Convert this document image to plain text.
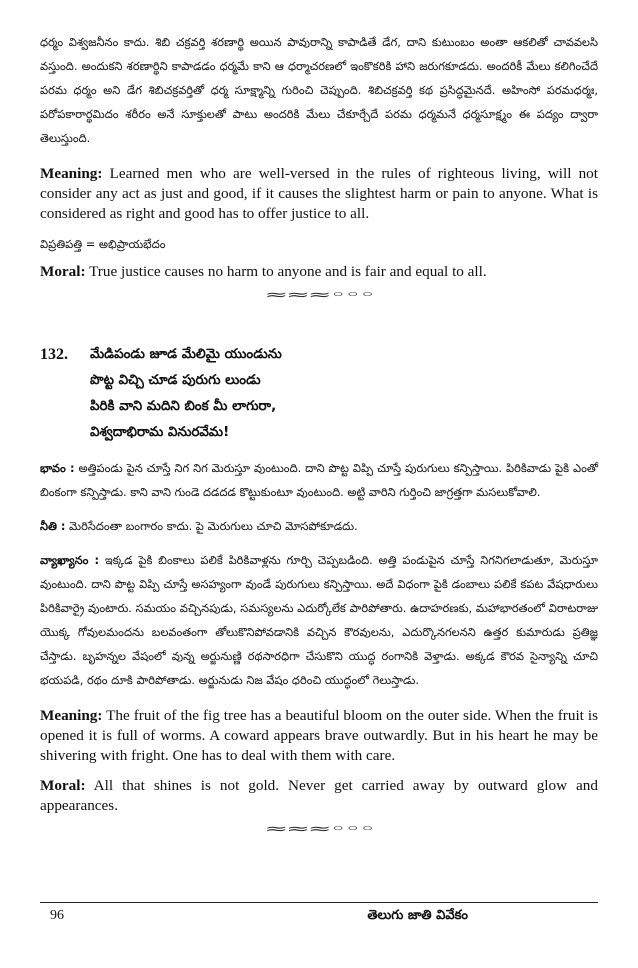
ధర్మం విశ్వజనీనం కాదు. శిబి చక్రవర్తి శరణార్థి అయిన పావురాన్ని కాపాడితే డేగ, దాని కుటుంబం అంతా ఆకలితో చావవలసి వస్తుంది. అందుకని శరణార్థిని కాపాడడం ధర్మమే కాని ఆ ధర్మాచరణలో ఇంకొకరికి హాని జరుగకూడదు. అందరికీ మేలు కలిగించేదే పరమ ధర్మం అని డేగ శిబిచక్రవర్తితో ధర్మ సూక్ష్మాన్ని గురించి చెప్పుంది. శిబిచక్రవర్తి కథ ప్రసిద్ధమైనదే. అహింసో పరమధర్మః, పరోపకారార్థమిదం శరీరం అనే సూక్తులతో పాటు అందరికి మేలు చేకూర్చేదే పరమ ధర్మమనే ధర్మసూక్ష్మం ఈ పద్యం ద్వారా తెలుస్తుంది.

Meaning: Learned men who are well-versed in the rules of righteous living, will not consider any act as just and good, if it causes the slightest harm or pain to anyone. What is considered as right and good has to offer justice to all.

విప్రతిపత్తి = అభిప్రాయభేదం

Moral: True justice causes no harm to anyone and is fair and equal to all.

≈≈≈◦◦◦
132.	మేడిపండు జూడ మేలిమై యుండును
పొట్ట విచ్చి చూడ పురుగు లుండు
పిరికి వాని మదిని బింక మీ లాగురా,
విశ్వదాభిరామ వినురవేమ!

భావం : అత్తిపండు పైన చూస్తే నిగ నిగ మెరుస్తూ వుంటుంది. దాని పొట్ట విప్పి చూస్తే పురుగులు కన్పిస్తాయి. పిరికివాడు పైకి ఎంతో బింకంగా కన్పిస్తాడు. కాని వాని గుండె దడదడ కొట్టుకుంటూ వుంటుంది. అట్టి వారిని గుర్తించి జాగ్రత్తగా మసలుకోవాలి.

నీతి : మెరిసేదంతా బంగారం కాదు. పై మెరుగులు చూచి మోసపోకూడదు.

వ్యాఖ్యానం : ఇక్కడ పైకి బింకాలు పలికే పిరికివాళ్లను గూర్చి చెప్పబడింది. అత్తి పండుపైన చూస్తే నిగనిగలాడుతూ, మెరుస్తూ వుంటుంది. దాని పొట్ట విప్పి చూస్తే అసహ్యంగా వుండే పురుగులు కన్పిస్తాయి. అదే విధంగా పైకి డంబాలు పలికే కపట వేషధారులు పిరికివార్రై వుంటారు. సమయం వచ్చినపుడు, సమస్యలను ఎదుర్కోలేక పారిపోతారు. ఉదాహరణకు, మహాభారతంలో విరాటరాజు యొక్క గోవులమందను బలవంతంగా తోలుకొనిపోవడానికి వచ్చిన కౌరవులను, ఎదుర్కొనగలనని ఉత్తర కుమారుడు ప్రతిజ్ఞ చేస్తాడు. బృహన్నల వేషంలో వున్న అర్జునుణ్ణి రథసారధిగా చేసుకొని యుద్ధ రంగానికి వెళ్తాడు. అక్కడ కౌరవ సైన్యాన్ని చూచి భయపడి, రథం దూకి పారిపోతాడు. అర్జునుడు నిజ వేషం ధరించి యుద్ధంలో గెలుస్తాడు.

Meaning: The fruit of the fig tree has a beautiful bloom on the outer side. When the fruit is opened it is full of worms. A coward appears brave outwardly. But in his heart he may be shivering with fright. One has to deal with them with care.

Moral: All that shines is not gold. Never get carried away by outward glow and appearances.

≈≈≈◦◦◦
96	తెలుగు జాతి వివేకం
